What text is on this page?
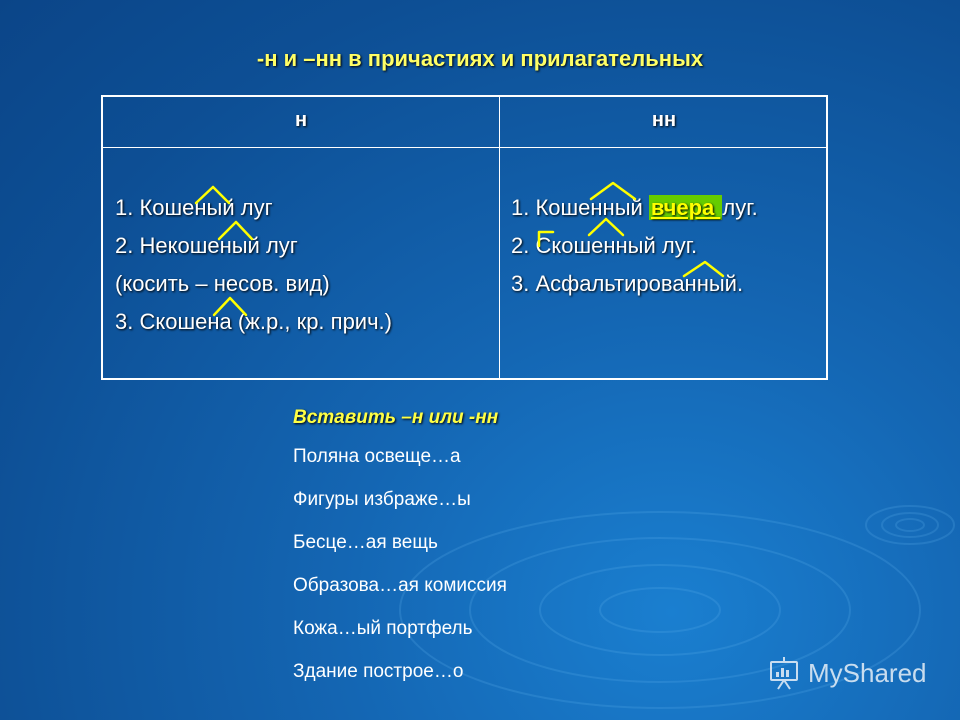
-н и –нн в причастиях и прилагательных
н	нн
1. Кошеный луг
2. Некошеный луг
(косить – несов. вид)
3. Скошена (ж.р., кр. прич.)
1. Кошенный вчера луг.
2. Скошенный луг.
3. Асфальтированный.
Вставить –н или -нн
Поляна освеще…а
Фигуры избраже…ы
Бесце…ая вещь
Образова…ая комиссия
Кожа…ый портфель
Здание построе…о	MyShared
